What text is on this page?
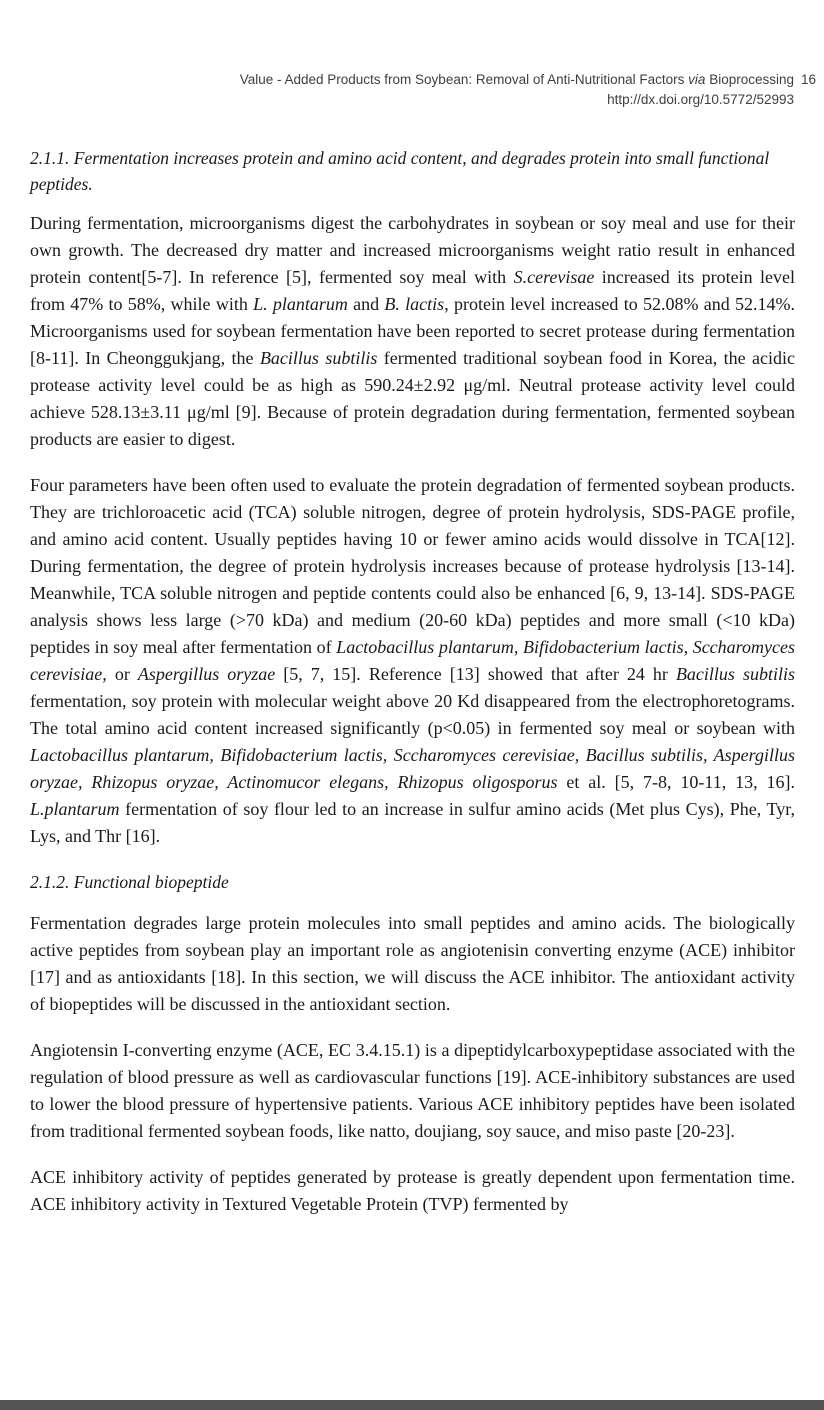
Value - Added Products from Soybean: Removal of Anti-Nutritional Factors via Bioprocessing
http://dx.doi.org/10.5772/52993
16
2.1.1. Fermentation increases protein and amino acid content, and degrades protein into small functional peptides.

During fermentation, microorganisms digest the carbohydrates in soybean or soy meal and use for their own growth. The decreased dry matter and increased microorganisms weight ratio result in enhanced protein content[5-7]. In reference [5], fermented soy meal with S.cerevisae increased its protein level from 47% to 58%, while with L. plantarum and B. lactis, protein level increased to 52.08% and 52.14%. Microorganisms used for soybean fermentation have been reported to secret protease during fermentation [8-11]. In Cheonggukjang, the Bacillus subtilis fermented traditional soybean food in Korea, the acidic protease activity level could be as high as 590.24±2.92 μg/ml. Neutral protease activity level could achieve 528.13±3.11 μg/ml [9]. Because of protein degradation during fermentation, fermented soybean products are easier to digest.

Four parameters have been often used to evaluate the protein degradation of fermented soybean products. They are trichloroacetic acid (TCA) soluble nitrogen, degree of protein hydrolysis, SDS-PAGE profile, and amino acid content. Usually peptides having 10 or fewer amino acids would dissolve in TCA[12]. During fermentation, the degree of protein hydrolysis increases because of protease hydrolysis [13-14]. Meanwhile, TCA soluble nitrogen and peptide contents could also be enhanced [6, 9, 13-14]. SDS-PAGE analysis shows less large (>70 kDa) and medium (20-60 kDa) peptides and more small (<10 kDa) peptides in soy meal after fermentation of Lactobacillus plantarum, Bifidobacterium lactis, Sccharomyces cerevisiae, or Aspergillus oryzae [5, 7, 15]. Reference [13] showed that after 24 hr Bacillus subtilis fermentation, soy protein with molecular weight above 20 Kd disappeared from the electrophoretograms. The total amino acid content increased significantly (p<0.05) in fermented soy meal or soybean with Lactobacillus plantarum, Bifidobacterium lactis, Sccharomyces cerevisiae, Bacillus subtilis, Aspergillus oryzae, Rhizopus oryzae, Actinomucor elegans, Rhizopus oligosporus et al. [5, 7-8, 10-11, 13, 16]. L.plantarum fermentation of soy flour led to an increase in sulfur amino acids (Met plus Cys), Phe, Tyr, Lys, and Thr [16].

2.1.2. Functional biopeptide

Fermentation degrades large protein molecules into small peptides and amino acids. The biologically active peptides from soybean play an important role as angiotenisin converting enzyme (ACE) inhibitor [17] and as antioxidants [18]. In this section, we will discuss the ACE inhibitor. The antioxidant activity of biopeptides will be discussed in the antioxidant section.

Angiotensin I-converting enzyme (ACE, EC 3.4.15.1) is a dipeptidylcarboxypeptidase associated with the regulation of blood pressure as well as cardiovascular functions [19]. ACE-inhibitory substances are used to lower the blood pressure of hypertensive patients. Various ACE inhibitory peptides have been isolated from traditional fermented soybean foods, like natto, doujiang, soy sauce, and miso paste [20-23].

ACE inhibitory activity of peptides generated by protease is greatly dependent upon fermentation time. ACE inhibitory activity in Textured Vegetable Protein (TVP) fermented by
